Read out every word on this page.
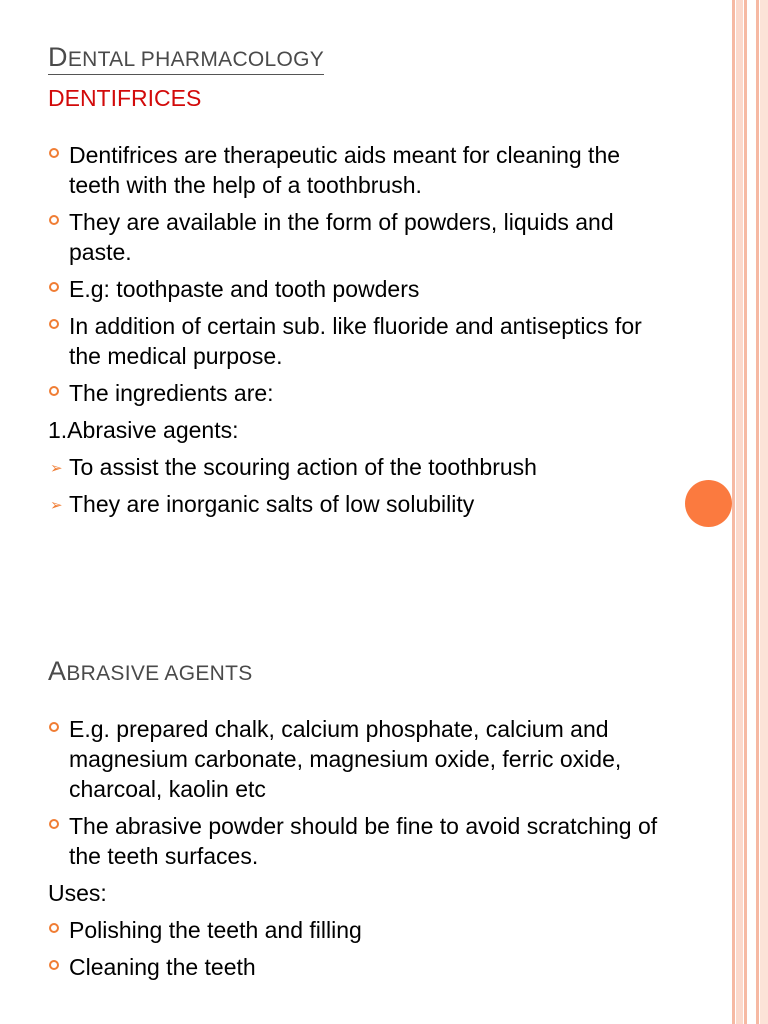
DENTAL PHARMACOLOGY
DENTIFRICES
Dentifrices are therapeutic aids meant for cleaning the teeth with the help of a toothbrush.
They are available in the form of powders, liquids and paste.
E.g: toothpaste and tooth powders
In addition of certain sub. like fluoride and antiseptics for the medical purpose.
The ingredients are:
1.Abrasive agents:
➢ To assist the scouring action of the toothbrush
➢ They are inorganic salts of low solubility
ABRASIVE AGENTS
E.g. prepared chalk, calcium phosphate, calcium and magnesium carbonate, magnesium oxide, ferric oxide, charcoal, kaolin etc
The abrasive powder should be fine to avoid scratching of the teeth surfaces.
Uses:
Polishing the teeth and filling
Cleaning the teeth
